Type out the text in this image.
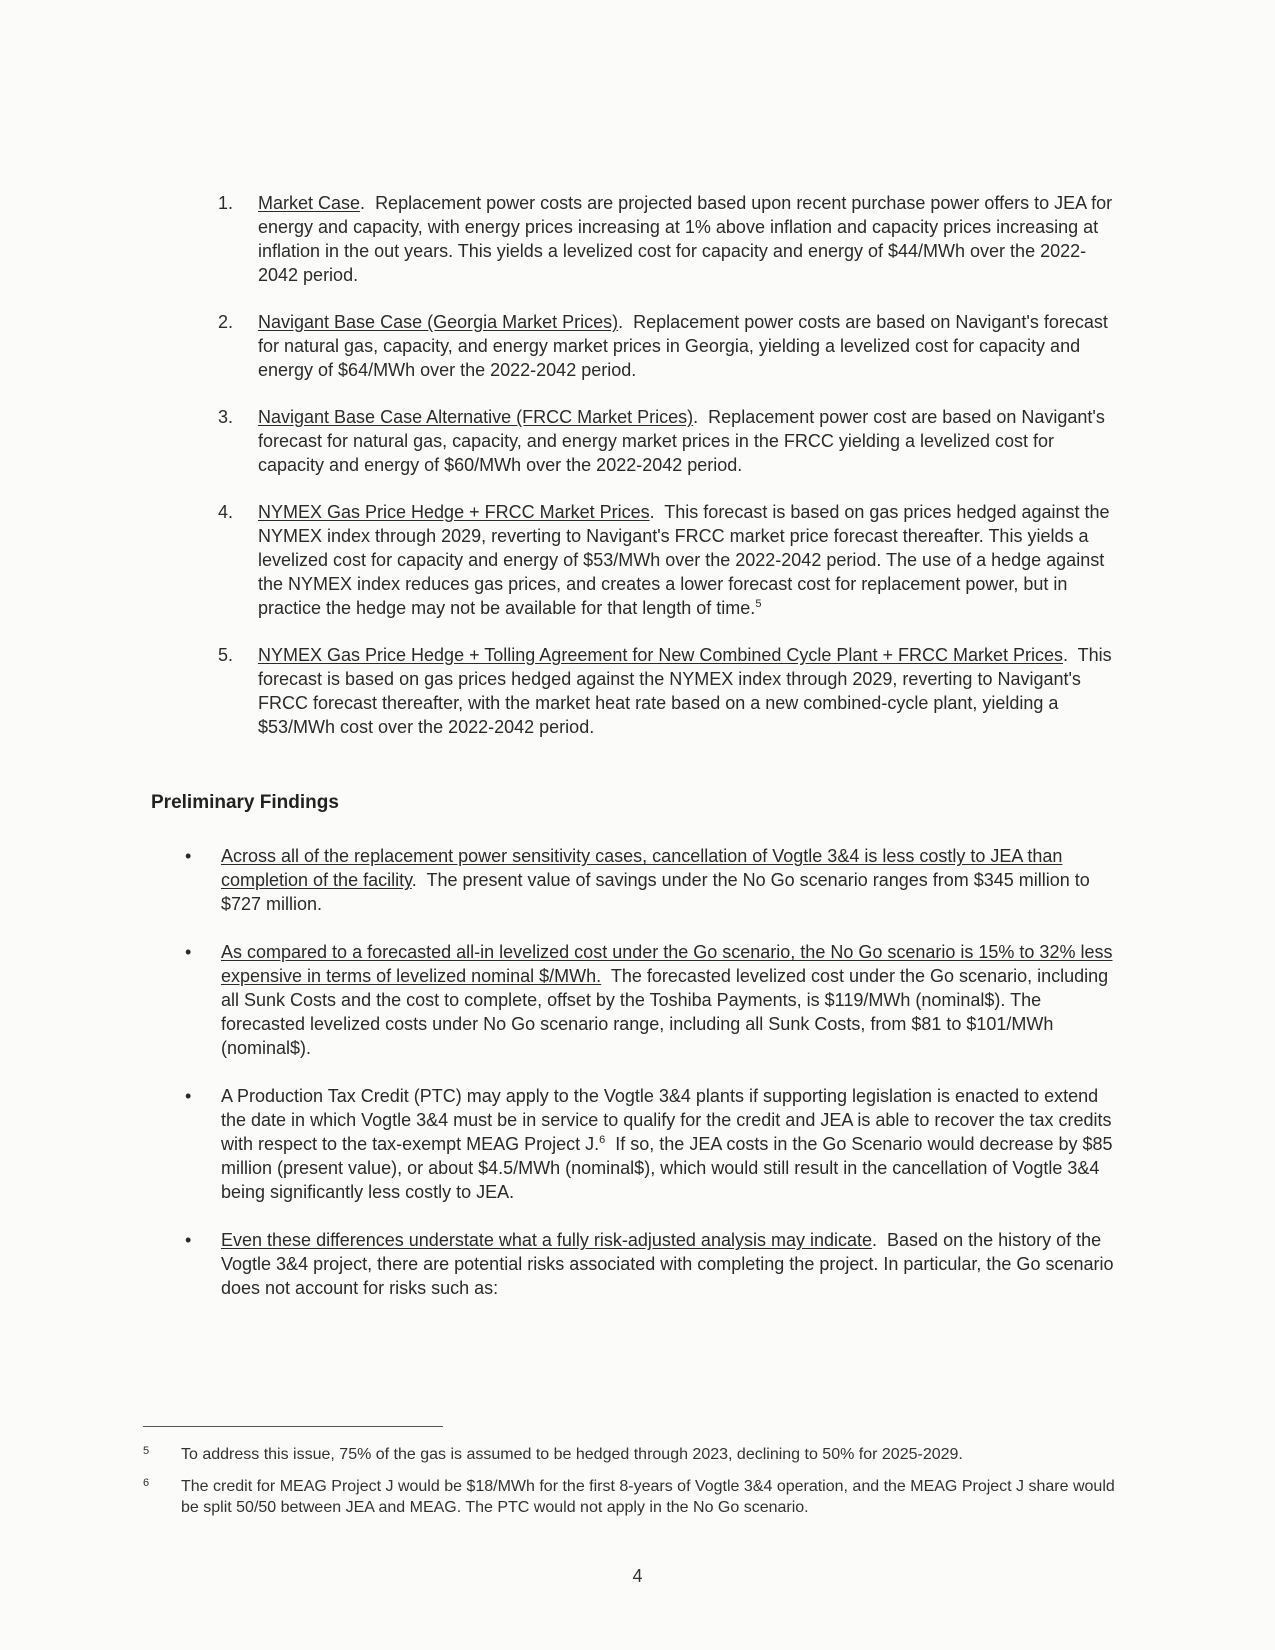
1.	Market Case.  Replacement power costs are projected based upon recent purchase power offers to JEA for energy and capacity, with energy prices increasing at 1% above inflation and capacity prices increasing at inflation in the out years. This yields a levelized cost for capacity and energy of $44/MWh over the 2022-2042 period.
2.	Navigant Base Case (Georgia Market Prices).  Replacement power costs are based on Navigant's forecast for natural gas, capacity, and energy market prices in Georgia, yielding a levelized cost for capacity and energy of $64/MWh over the 2022-2042 period.
3.	Navigant Base Case Alternative (FRCC Market Prices).  Replacement power cost are based on Navigant's forecast for natural gas, capacity, and energy market prices in the FRCC yielding a levelized cost for capacity and energy of $60/MWh over the 2022-2042 period.
4.	NYMEX Gas Price Hedge + FRCC Market Prices.  This forecast is based on gas prices hedged against the NYMEX index through 2029, reverting to Navigant's FRCC market price forecast thereafter. This yields a levelized cost for capacity and energy of $53/MWh over the 2022-2042 period. The use of a hedge against the NYMEX index reduces gas prices, and creates a lower forecast cost for replacement power, but in practice the hedge may not be available for that length of time.$^5$
5.	NYMEX Gas Price Hedge + Tolling Agreement for New Combined Cycle Plant + FRCC Market Prices.  This forecast is based on gas prices hedged against the NYMEX index through 2029, reverting to Navigant's FRCC forecast thereafter, with the market heat rate based on a new combined-cycle plant, yielding a $53/MWh cost over the 2022-2042 period.
Preliminary Findings
• Across all of the replacement power sensitivity cases, cancellation of Vogtle 3&4 is less costly to JEA than completion of the facility.  The present value of savings under the No Go scenario ranges from $345 million to $727 million.
• As compared to a forecasted all-in levelized cost under the Go scenario, the No Go scenario is 15% to 32% less expensive in terms of levelized nominal $/MWh. The forecasted levelized cost under the Go scenario, including all Sunk Costs and the cost to complete, offset by the Toshiba Payments, is $119/MWh (nominal$). The forecasted levelized costs under No Go scenario range, including all Sunk Costs, from $81 to $101/MWh (nominal$).
• A Production Tax Credit (PTC) may apply to the Vogtle 3&4 plants if supporting legislation is enacted to extend the date in which Vogtle 3&4 must be in service to qualify for the credit and JEA is able to recover the tax credits with respect to the tax-exempt MEAG Project J.$^6$ If so, the JEA costs in the Go Scenario would decrease by $85 million (present value), or about $4.5/MWh (nominal$), which would still result in the cancellation of Vogtle 3&4 being significantly less costly to JEA.
• Even these differences understate what a fully risk-adjusted analysis may indicate.  Based on the history of the Vogtle 3&4 project, there are potential risks associated with completing the project. In particular, the Go scenario does not account for risks such as:
5 To address this issue, 75% of the gas is assumed to be hedged through 2023, declining to 50% for 2025-2029.
6 The credit for MEAG Project J would be $18/MWh for the first 8-years of Vogtle 3&4 operation, and the MEAG Project J share would be split 50/50 between JEA and MEAG. The PTC would not apply in the No Go scenario.
4
